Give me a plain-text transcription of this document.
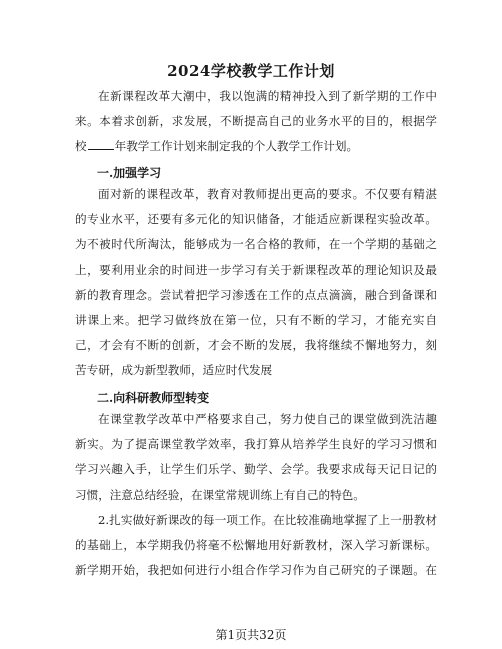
2024学校教学工作计划
在新课程改革大潮中，我以饱满的精神投入到了新学期的工作中
来。本着求创新，求发展，不断提高自己的业务水平的目的，根据学
校 年教学工作计划来制定我的个人教学工作计划。
一.加强学习
面对新的课程改革，教育对教师提出更高的要求。不仅要有精湛
的专业水平，还要有多元化的知识储备，才能适应新课程实验改革。
为不被时代所淘汰，能够成为一名合格的教师，在一个学期的基础之
上，要利用业余的时间进一步学习有关于新课程改革的理论知识及最
新的教育理念。尝试着把学习渗透在工作的点点滴滴，融合到备课和
讲课上来。把学习做终放在第一位，只有不断的学习，才能充实自
己，才会有不断的创新，才会不断的发展，我将继续不懈地努力，刻
苦专研，成为新型教师，适应时代发展
二.向科研教师型转变
在课堂教学改革中严格要求自己，努力使自己的课堂做到洗洁趣
新实。为了提高课堂教学效率，我打算从培养学生良好的学习习惯和
学习兴趣入手，让学生们乐学、勤学、会学。我要求成每天记日记的
习惯，注意总结经验，在课堂常规训练上有自己的特色。
2.扎实做好新课改的每一项工作。在比较准确地掌握了上一册教材
的基础上，本学期我仍将毫不松懈地用好新教材，深入学习新课标。
新学期开始，我把如何进行小组合作学习作为自己研究的子课题。在
第1页共32页
